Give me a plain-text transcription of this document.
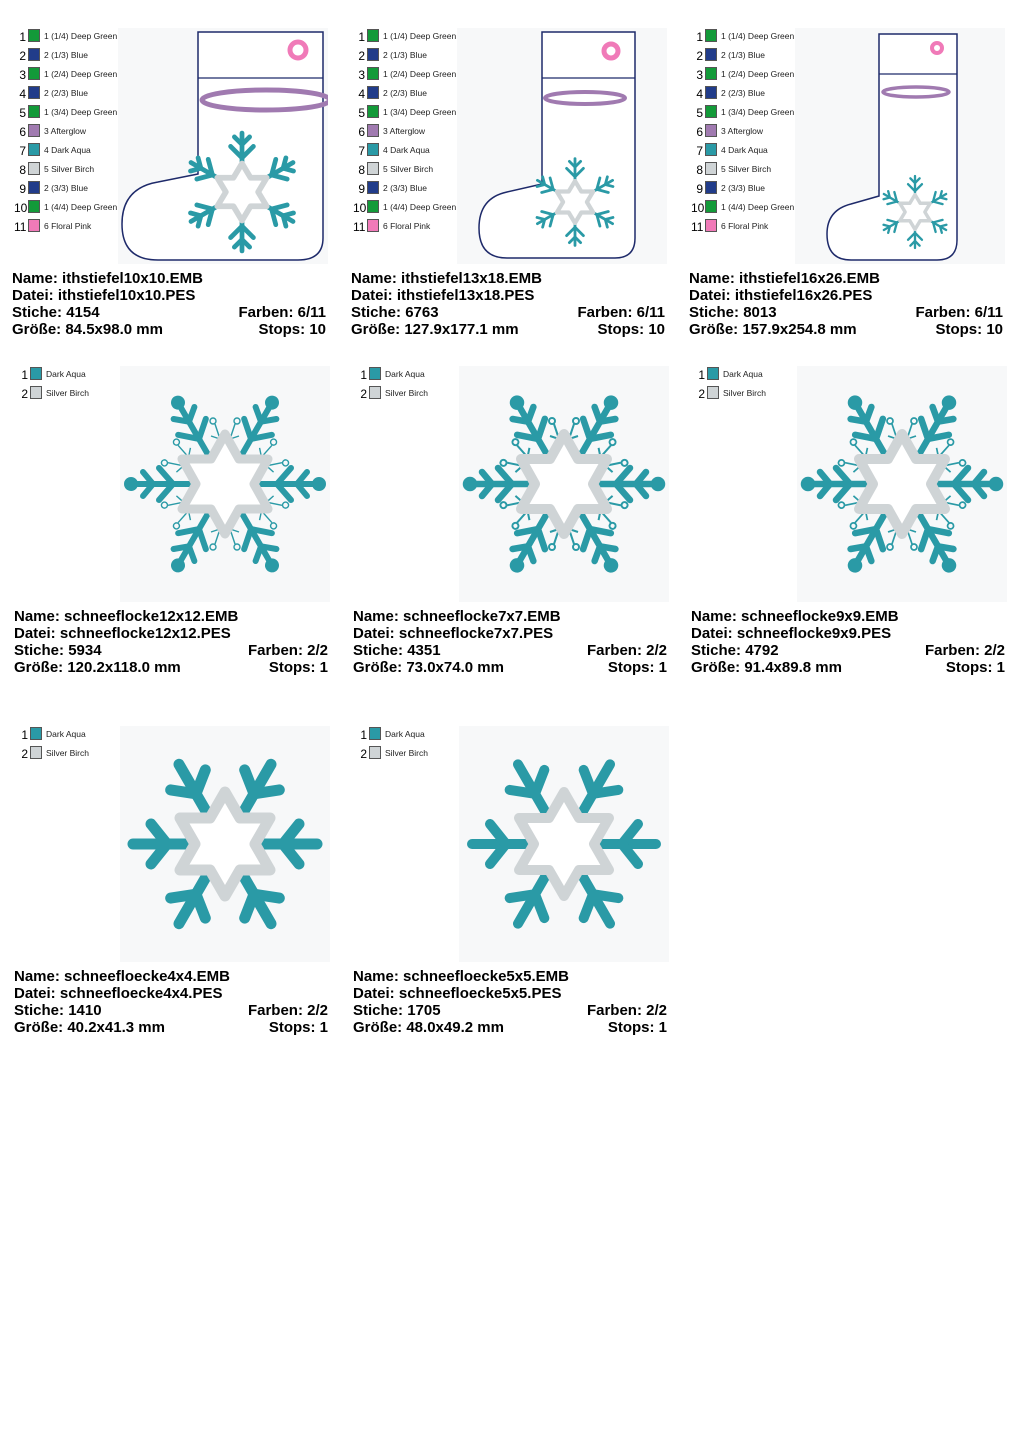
1 1 (1/4) Deep Green
2 2 (1/3) Blue
3 1 (2/4) Deep Green
4 2 (2/3) Blue
5 1 (3/4) Deep Green
6 3 Afterglow
7 4 Dark Aqua
8 5 Silver Birch
9 2 (3/3) Blue
10 1 (4/4) Deep Green
11 6 Floral Pink
Name: ithstiefel10x10.EMB
Datei: ithstiefel10x10.PES
Stiche: 4154	Farben: 6/11
Größe: 84.5x98.0 mm	Stops: 10
1 1 (1/4) Deep Green
2 2 (1/3) Blue
3 1 (2/4) Deep Green
4 2 (2/3) Blue
5 1 (3/4) Deep Green
6 3 Afterglow
7 4 Dark Aqua
8 5 Silver Birch
9 2 (3/3) Blue
10 1 (4/4) Deep Green
11 6 Floral Pink
Name: ithstiefel13x18.EMB
Datei: ithstiefel13x18.PES
Stiche: 6763	Farben: 6/11
Größe: 127.9x177.1 mm	Stops: 10
1 1 (1/4) Deep Green
2 2 (1/3) Blue
3 1 (2/4) Deep Green
4 2 (2/3) Blue
5 1 (3/4) Deep Green
6 3 Afterglow
7 4 Dark Aqua
8 5 Silver Birch
9 2 (3/3) Blue
10 1 (4/4) Deep Green
11 6 Floral Pink
Name: ithstiefel16x26.EMB
Datei: ithstiefel16x26.PES
Stiche: 8013	Farben: 6/11
Größe: 157.9x254.8 mm	Stops: 10
1 Dark Aqua
2 Silver Birch
Name: schneeflocke12x12.EMB
Datei: schneeflocke12x12.PES
Stiche: 5934	Farben: 2/2
Größe: 120.2x118.0 mm	Stops: 1
1 Dark Aqua
2 Silver Birch
Name: schneeflocke7x7.EMB
Datei: schneeflocke7x7.PES
Stiche: 4351	Farben: 2/2
Größe: 73.0x74.0 mm	Stops: 1
1 Dark Aqua
2 Silver Birch
Name: schneeflocke9x9.EMB
Datei: schneeflocke9x9.PES
Stiche: 4792	Farben: 2/2
Größe: 91.4x89.8 mm	Stops: 1
1 Dark Aqua
2 Silver Birch
Name: schneefloecke4x4.EMB
Datei: schneefloecke4x4.PES
Stiche: 1410	Farben: 2/2
Größe: 40.2x41.3 mm	Stops: 1
1 Dark Aqua
2 Silver Birch
Name: schneefloecke5x5.EMB
Datei: schneefloecke5x5.PES
Stiche: 1705	Farben: 2/2
Größe: 48.0x49.2 mm	Stops: 1
